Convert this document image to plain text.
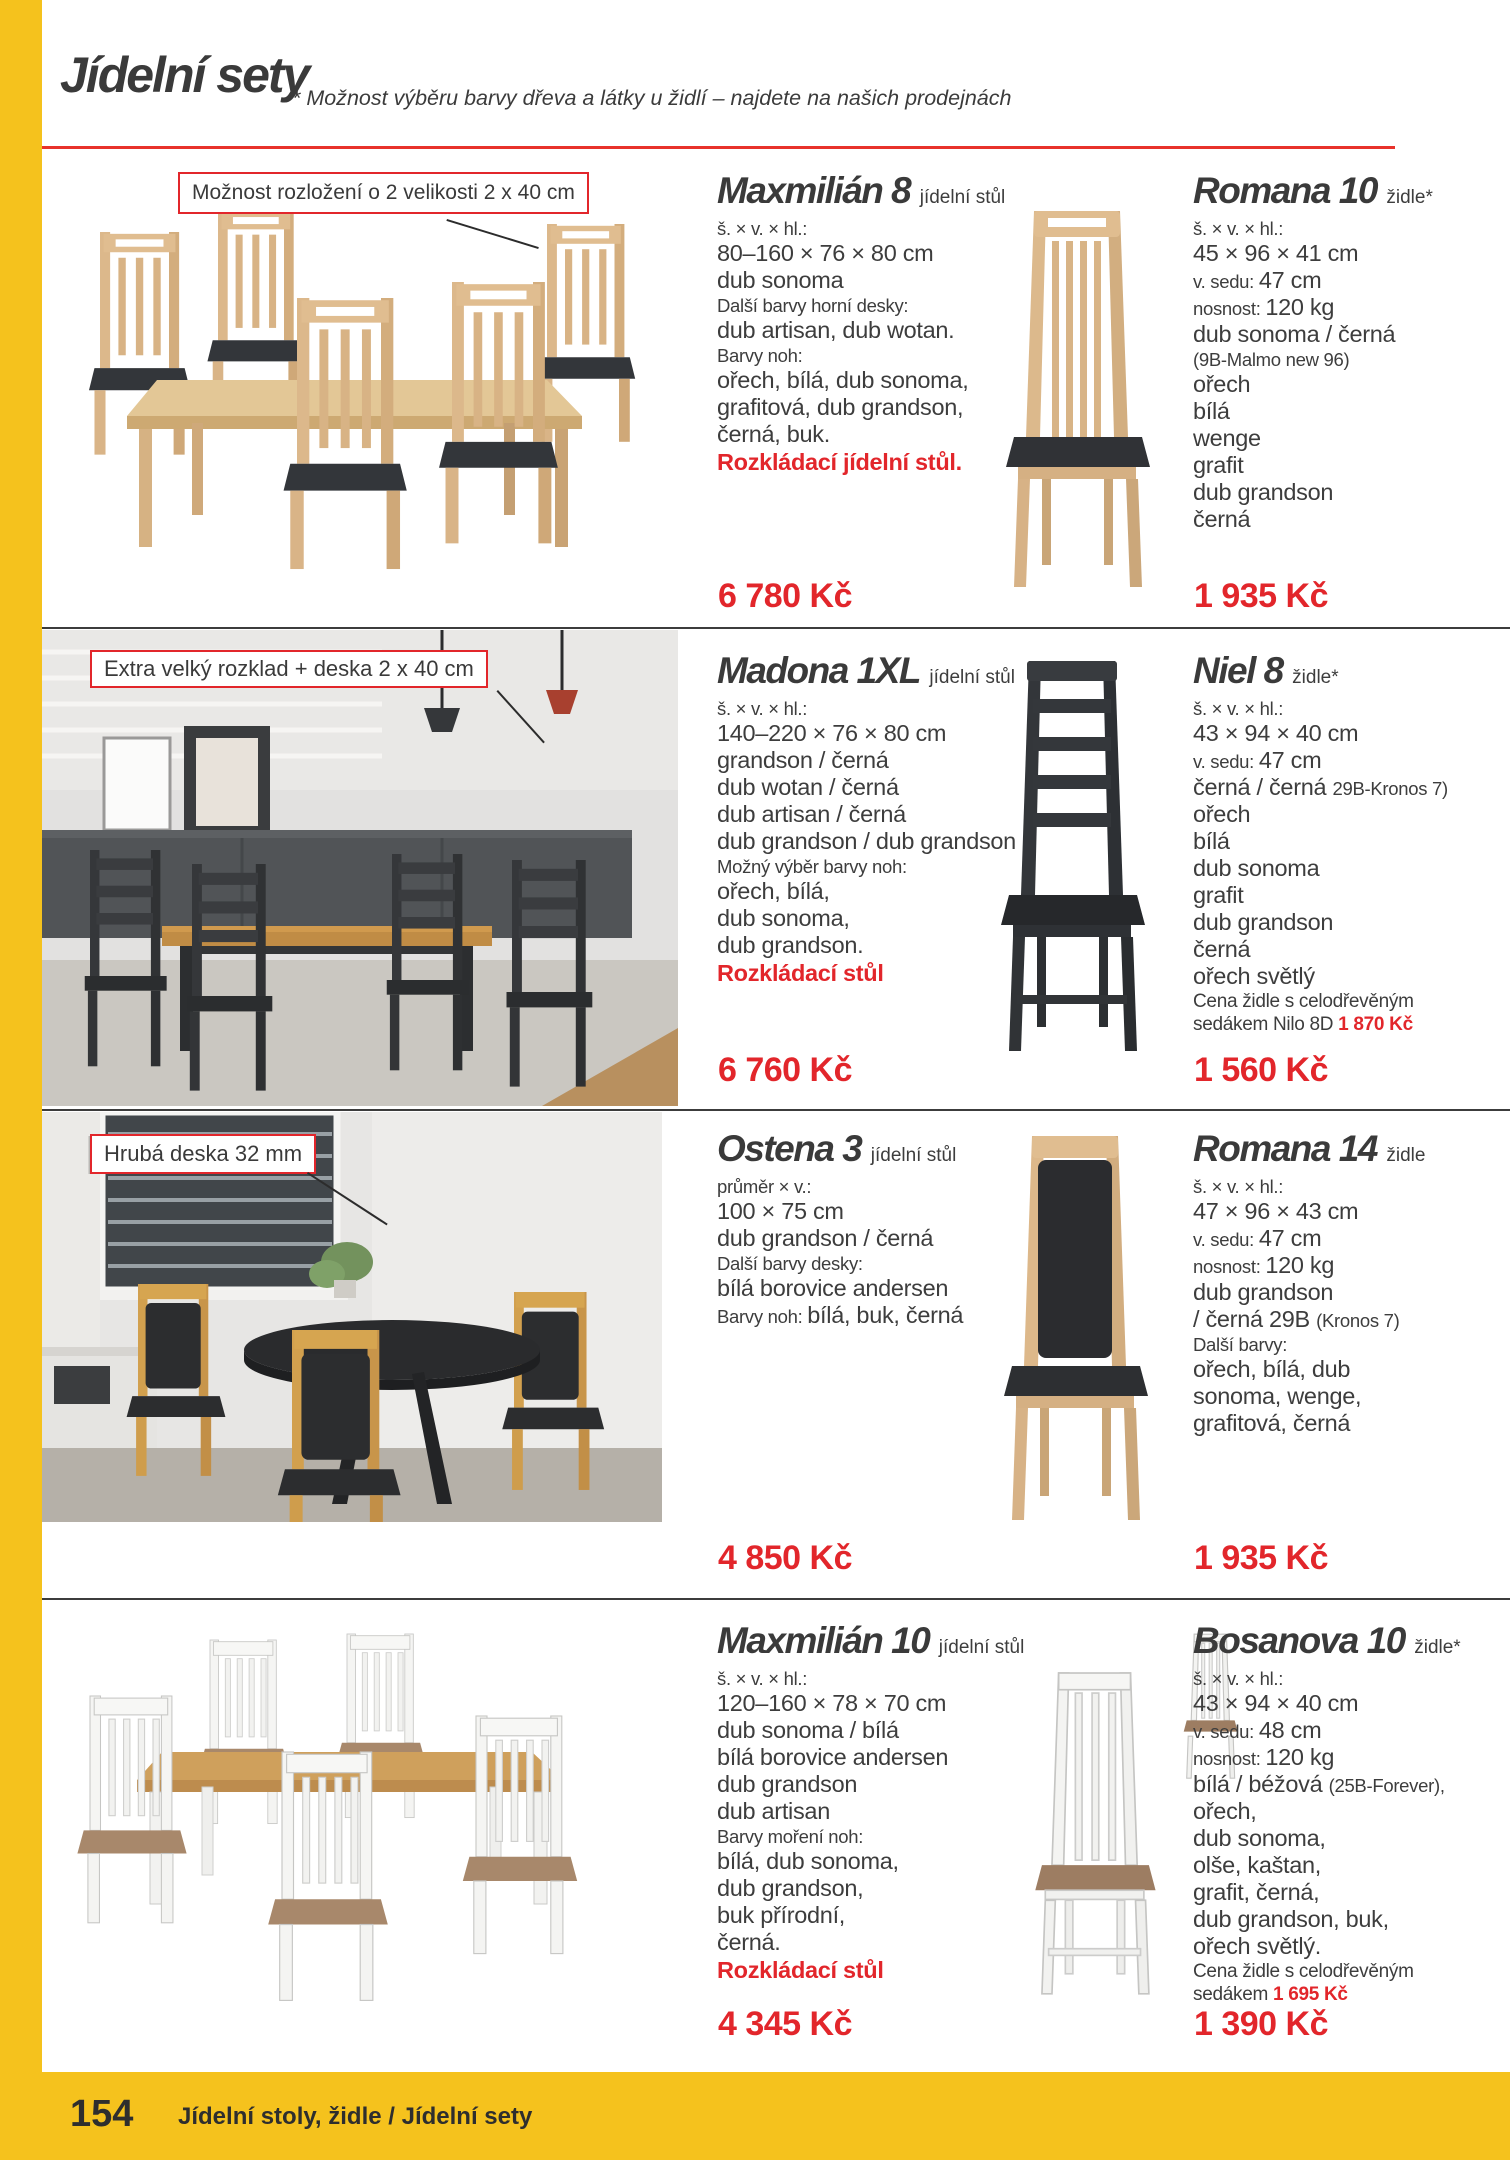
Jídelní sety
* Možnost výběru barvy dřeva a látky u židlí – najdete na našich prodejnách
Možnost rozložení o 2 velikosti 2 x 40 cm	Maxmilián 8 jídelní stůl
š. × v. × hl.:
80–160 × 76 × 80 cm
dub sonoma
Další barvy horní desky:
dub artisan, dub wotan.
Barvy noh:
ořech, bílá, dub sonoma,
grafitová, dub grandson,
černá, buk.
Rozkládací jídelní stůl.
Romana 10 židle*
š. × v. × hl.:
45 × 96 × 41 cm
v. sedu: 47 cm
nosnost: 120 kg
dub sonoma / černá
(9B-Malmo new 96)
ořech
bílá
wenge
grafit
dub grandson
černá
6 780 Kč	1 935 Kč
Extra velký rozklad + deska 2 x 40 cm	Madona 1XL jídelní stůl
š. × v. × hl.:
140–220 × 76 × 80 cm
grandson / černá
dub wotan / černá
dub artisan / černá
dub grandson / dub grandson
Možný výběr barvy noh:
ořech, bílá,
dub sonoma,
dub grandson.
Rozkládací stůl
Niel 8 židle*
š. × v. × hl.:
43 × 94 × 40 cm
v. sedu: 47 cm
černá / černá 29B-Kronos 7)
ořech
bílá
dub sonoma
grafit
dub grandson
černá
ořech světlý
Cena židle s celodřevěným
sedákem Nilo 8D 1 870 Kč
6 760 Kč	1 560 Kč
Hrubá deska 32 mm	Ostena 3 jídelní stůl
průměr × v.:
100 × 75 cm
dub grandson / černá
Další barvy desky:
bílá borovice andersen
Barvy noh: bílá, buk, černá
Romana 14 židle
š. × v. × hl.:
47 × 96 × 43 cm
v. sedu: 47 cm
nosnost: 120 kg
dub grandson
/ černá 29B (Kronos 7)
Další barvy:
ořech, bílá, dub
sonoma, wenge,
grafitová, černá
4 850 Kč	1 935 Kč
Maxmilián 10 jídelní stůl
š. × v. × hl.:
120–160 × 78 × 70 cm
dub sonoma / bílá
bílá borovice andersen
dub grandson
dub artisan
Barvy moření noh:
bílá, dub sonoma,
dub grandson,
buk přírodní,
černá.
Rozkládací stůl
Bosanova 10 židle*
š. × v. × hl.:
43 × 94 × 40 cm
v. sedu: 48 cm
nosnost: 120 kg
bílá / béžová (25B-Forever),
ořech,
dub sonoma,
olše, kaštan,
grafit, černá,
dub grandson, buk,
ořech světlý.
Cena židle s celodřevěným
sedákem 1 695 Kč
4 345 Kč	1 390 Kč
154 Jídelní stoly, židle / Jídelní sety
